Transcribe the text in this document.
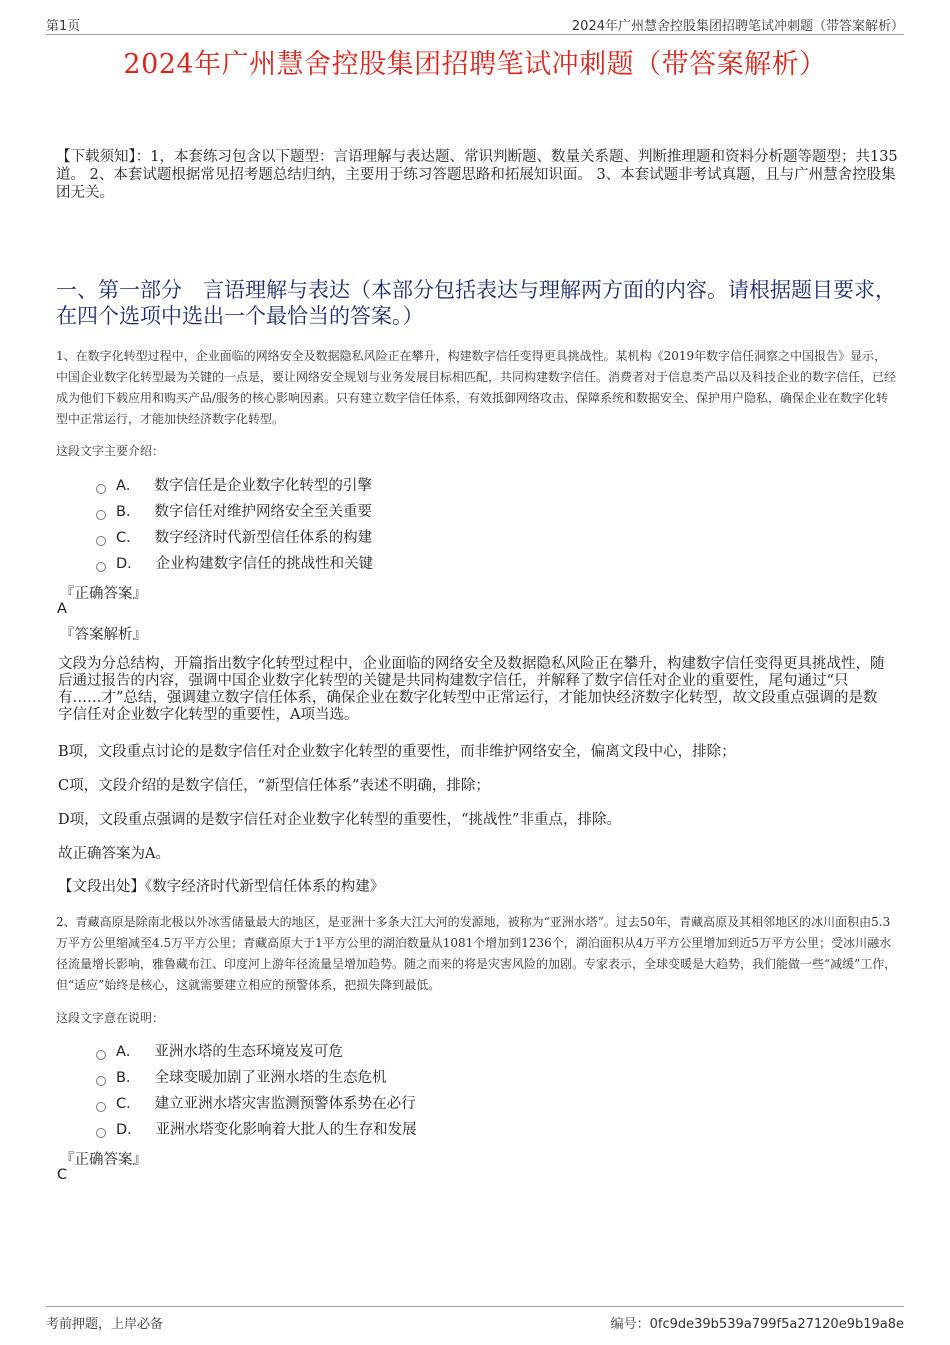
第1页	2024年广州慧舍控股集团招聘笔试冲刺题（带答案解析）
2024年广州慧舍控股集团招聘笔试冲刺题（带答案解析）
【下载须知】：1，本套练习包含以下题型：言语理解与表达题、常识判断题、数量关系题、判断推理题和资料分析题等题型；共135道。 2、本套试题根据常见招考题总结归纳，主要用于练习答题思路和拓展知识面。 3、本套试题非考试真题，且与广州慧舍控股集团无关。
一、第一部分　言语理解与表达（本部分包括表达与理解两方面的内容。请根据题目要求，在四个选项中选出一个最恰当的答案。）
1、在数字化转型过程中，企业面临的网络安全及数据隐私风险正在攀升，构建数字信任变得更具挑战性。某机构《2019年数字信任洞察之中国报告》显示，中国企业数字化转型最为关键的一点是，要让网络安全规划与业务发展目标相匹配，共同构建数字信任。消费者对于信息类产品以及科技企业的数字信任，已经成为他们下载应用和购买产品/服务的核心影响因素。只有建立数字信任体系，有效抵御网络攻击、保障系统和数据安全、保护用户隐私，确保企业在数字化转型中正常运行，才能加快经济数字化转型。
这段文字主要介绍：
A． 数字信任是企业数字化转型的引擎
B． 数字信任对维护网络安全至关重要
C． 数字经济时代新型信任体系的构建
D． 企业构建数字信任的挑战性和关键
『正确答案』
A
『答案解析』
文段为分总结构，开篇指出数字化转型过程中，企业面临的网络安全及数据隐私风险正在攀升，构建数字信任变得更具挑战性，随后通过报告的内容，强调中国企业数字化转型的关键是共同构建数字信任，并解释了数字信任对企业的重要性，尾句通过“只有……才”总结，强调建立数字信任体系，确保企业在数字化转型中正常运行，才能加快经济数字化转型，故文段重点强调的是数字信任对企业数字化转型的重要性，A项当选。
B项，文段重点讨论的是数字信任对企业数字化转型的重要性，而非维护网络安全，偏离文段中心，排除；
C项，文段介绍的是数字信任，“新型信任体系”表述不明确，排除；
D项，文段重点强调的是数字信任对企业数字化转型的重要性，“挑战性”非重点，排除。
故正确答案为A。
【文段出处】《数字经济时代新型信任体系的构建》
2、青藏高原是除南北极以外冰雪储量最大的地区，是亚洲十多条大江大河的发源地，被称为“亚洲水塔”。过去50年，青藏高原及其相邻地区的冰川面积由5.3万平方公里缩减至4.5万平方公里；青藏高原大于1平方公里的湖泊数量从1081个增加到1236个，湖泊面积从4万平方公里增加到近5万平方公里；受冰川融水径流量增长影响，雅鲁藏布江、印度河上游年径流量呈增加趋势。随之而来的将是灾害风险的加剧。专家表示，全球变暖是大趋势，我们能做一些“减缓”工作，但“适应”始终是核心，这就需要建立相应的预警体系，把损失降到最低。
这段文字意在说明：
A． 亚洲水塔的生态环境岌岌可危
B． 全球变暖加剧了亚洲水塔的生态危机
C． 建立亚洲水塔灾害监测预警体系势在必行
D． 亚洲水塔变化影响着大批人的生存和发展
『正确答案』
C
考前押题，上岸必备	编号：0fc9de39b539a799f5a27120e9b19a8e
